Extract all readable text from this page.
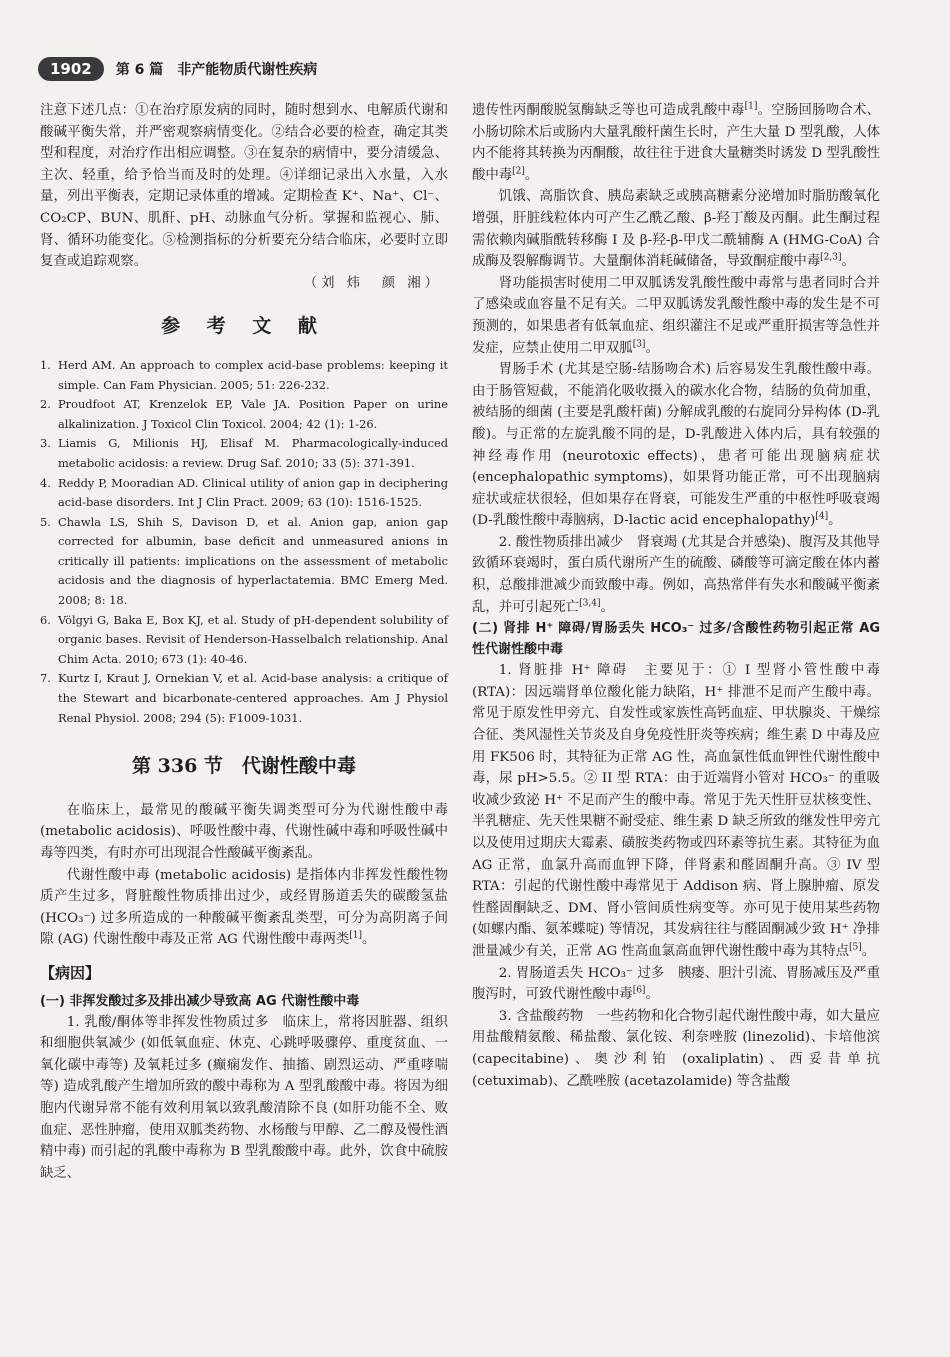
1902	第 6 篇　非产能物质代谢性疾病

注意下述几点：①在治疗原发病的同时，随时想到水、电解质代谢和酸碱平衡失常，并严密观察病情变化。②结合必要的检查，确定其类型和程度，对治疗作出相应调整。③在复杂的病情中，要分清缓急、主次、轻重，给予恰当而及时的处理。④详细记录出入水量，入水量，列出平衡表，定期记录体重的增减。定期检查 K⁺、Na⁺、Cl⁻、CO₂CP、BUN、肌酐、pH、动脉血气分析。掌握和监视心、肺、肾、循环功能变化。⑤检测指标的分析要充分结合临床，必要时立即复查或追踪观察。

（刘 炜　颜 湘）

参 考 文 献
1. Herd AM. An approach to complex acid-base problems: keeping it simple. Can Fam Physician. 2005; 51: 226-232.
2. Proudfoot AT, Krenzelok EP, Vale JA. Position Paper on urine alkalinization. J Toxicol Clin Toxicol. 2004; 42 (1): 1-26.
3. Liamis G, Milionis HJ, Elisaf M. Pharmacologically-induced metabolic acidosis: a review. Drug Saf. 2010; 33 (5): 371-391.
4. Reddy P, Mooradian AD. Clinical utility of anion gap in deciphering acid-base disorders. Int J Clin Pract. 2009; 63 (10): 1516-1525.
5. Chawla LS, Shih S, Davison D, et al. Anion gap, anion gap corrected for albumin, base deficit and unmeasured anions in critically ill patients: implications on the assessment of metabolic acidosis and the diagnosis of hyperlactatemia. BMC Emerg Med. 2008; 8: 18.
6. Völgyi G, Baka E, Box KJ, et al. Study of pH-dependent solubility of organic bases. Revisit of Henderson-Hasselbalch relationship. Anal Chim Acta. 2010; 673 (1): 40-46.
7. Kurtz I, Kraut J, Ornekian V, et al. Acid-base analysis: a critique of the Stewart and bicarbonate-centered approaches. Am J Physiol Renal Physiol. 2008; 294 (5): F1009-1031.
第 336 节　代谢性酸中毒

在临床上，最常见的酸碱平衡失调类型可分为代谢性酸中毒 (metabolic acidosis)、呼吸性酸中毒、代谢性碱中毒和呼吸性碱中毒等四类，有时亦可出现混合性酸碱平衡紊乱。

代谢性酸中毒 (metabolic acidosis) 是指体内非挥发性酸性物质产生过多，肾脏酸性物质排出过少，或经胃肠道丢失的碳酸氢盐 (HCO₃⁻) 过多所造成的一种酸碱平衡紊乱类型，可分为高阴离子间隙 (AG) 代谢性酸中毒及正常 AG 代谢性酸中毒两类[1]。

【病因】
(一) 非挥发酸过多及排出减少导致高 AG 代谢性酸中毒

1. 乳酸/酮体等非挥发性物质过多　临床上，常将因脏器、组织和细胞供氧减少 (如低氧血症、休克、心跳呼吸骤停、重度贫血、一氧化碳中毒等) 及氧耗过多 (癫痫发作、抽搐、剧烈运动、严重哮喘等) 造成乳酸产生增加所致的酸中毒称为 A 型乳酸酸中毒。将因为细胞内代谢异常不能有效利用氧以致乳酸清除不良 (如肝功能不全、败血症、恶性肿瘤，使用双胍类药物、水杨酸与甲醇、乙二醇及慢性酒精中毒) 而引起的乳酸中毒称为 B 型乳酸酸中毒。此外，饮食中硫胺缺乏、

遗传性丙酮酸脱氢酶缺乏等也可造成乳酸中毒[1]。空肠回肠吻合术、小肠切除术后或肠内大量乳酸杆菌生长时，产生大量 D 型乳酸，人体内不能将其转换为丙酮酸，故往往于进食大量糖类时诱发 D 型乳酸性酸中毒[2]。

饥饿、高脂饮食、胰岛素缺乏或胰高糖素分泌增加时脂肪酸氧化增强，肝脏线粒体内可产生乙酰乙酸、β-羟丁酸及丙酮。此生酮过程需依赖肉碱脂酰转移酶 I 及 β-羟-β-甲戊二酰辅酶 A (HMG-CoA) 合成酶及裂解酶调节。大量酮体消耗碱储备，导致酮症酸中毒[2,3]。

肾功能损害时使用二甲双胍诱发乳酸性酸中毒常与患者同时合并了感染或血容量不足有关。二甲双胍诱发乳酸性酸中毒的发生是不可预测的，如果患者有低氧血症、组织灌注不足或严重肝损害等急性并发症，应禁止使用二甲双胍[3]。

胃肠手术 (尤其是空肠-结肠吻合术) 后容易发生乳酸性酸中毒。由于肠管短截，不能消化吸收摄入的碳水化合物，结肠的负荷加重，被结肠的细菌 (主要是乳酸杆菌) 分解成乳酸的右旋同分异构体 (D-乳酸)。与正常的左旋乳酸不同的是，D-乳酸进入体内后，具有较强的神经毒作用 (neurotoxic effects)，患者可能出现脑病症状 (encephalopathic symptoms)，如果肾功能正常，可不出现脑病症状或症状很轻，但如果存在肾衰，可能发生严重的中枢性呼吸衰竭 (D-乳酸性酸中毒脑病，D-lactic acid encephalopathy)[4]。

2. 酸性物质排出减少　肾衰竭 (尤其是合并感染)、腹泻及其他导致循环衰竭时，蛋白质代谢所产生的硫酸、磷酸等可滴定酸在体内蓄积，总酸排泄减少而致酸中毒。例如，高热常伴有失水和酸碱平衡紊乱，并可引起死亡[3,4]。

(二) 肾排 H⁺ 障碍/胃肠丢失 HCO₃⁻ 过多/含酸性药物引起正常 AG 性代谢性酸中毒

1. 肾脏排 H⁺ 障碍　主要见于：① I 型肾小管性酸中毒 (RTA)：因远端肾单位酸化能力缺陷，H⁺ 排泄不足而产生酸中毒。常见于原发性甲旁亢、自发性或家族性高钙血症、甲状腺炎、干燥综合征、类风湿性关节炎及自身免疫性肝炎等疾病；维生素 D 中毒及应用 FK506 时，其特征为正常 AG 性，高血氯性低血钾性代谢性酸中毒，尿 pH>5.5。② II 型 RTA：由于近端肾小管对 HCO₃⁻ 的重吸收减少致泌 H⁺ 不足而产生的酸中毒。常见于先天性肝豆状核变性、半乳糖症、先天性果糖不耐受症、维生素 D 缺乏所致的继发性甲旁亢以及使用过期庆大霉素、磺胺类药物或四环素等抗生素。其特征为血 AG 正常，血氯升高而血钾下降，伴肾素和醛固酮升高。③ IV 型 RTA：引起的代谢性酸中毒常见于 Addison 病、肾上腺肿瘤、原发性醛固酮缺乏、DM、肾小管间质性病变等。亦可见于使用某些药物 (如螺内酯、氨苯蝶啶) 等情况，其发病往往与醛固酮减少致 H⁺ 净排泄量减少有关，正常 AG 性高血氯高血钾代谢性酸中毒为其特点[5]。

2. 胃肠道丢失 HCO₃⁻ 过多　胰瘘、胆汁引流、胃肠减压及严重腹泻时，可致代谢性酸中毒[6]。

3. 含盐酸药物　一些药物和化合物引起代谢性酸中毒，如大量应用盐酸精氨酸、稀盐酸、氯化铵、利奈唑胺 (linezolid)、卡培他滨 (capecitabine)、奥沙利铂 (oxaliplatin)、西妥昔单抗 (cetuximab)、乙酰唑胺 (acetazolamide) 等含盐酸
